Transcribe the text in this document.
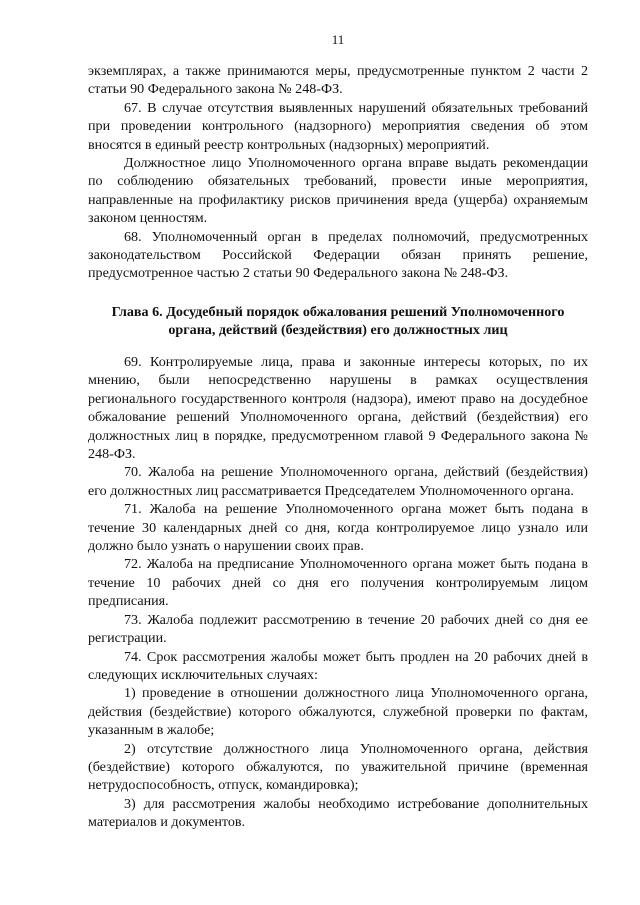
11

экземплярах, а также принимаются меры, предусмотренные пунктом 2 части 2 статьи 90 Федерального закона № 248-ФЗ.

67. В случае отсутствия выявленных нарушений обязательных требований при проведении контрольного (надзорного) мероприятия сведения об этом вносятся в единый реестр контрольных (надзорных) мероприятий.

Должностное лицо Уполномоченного органа вправе выдать рекомендации по соблюдению обязательных требований, провести иные мероприятия, направленные на профилактику рисков причинения вреда (ущерба) охраняемым законом ценностям.

68. Уполномоченный орган в пределах полномочий, предусмотренных законодательством Российской Федерации обязан принять решение, предусмотренное частью 2 статьи 90 Федерального закона № 248-ФЗ.

Глава 6. Досудебный порядок обжалования решений Уполномоченного
органа, действий (бездействия) его должностных лиц

69. Контролируемые лица, права и законные интересы которых, по их мнению, были непосредственно нарушены в рамках осуществления регионального государственного контроля (надзора), имеют право на досудебное обжалование решений Уполномоченного органа, действий (бездействия) его должностных лиц в порядке, предусмотренном главой 9 Федерального закона № 248-ФЗ.

70. Жалоба на решение Уполномоченного органа, действий (бездействия) его должностных лиц рассматривается Председателем Уполномоченного органа.

71. Жалоба на решение Уполномоченного органа может быть подана в течение 30 календарных дней со дня, когда контролируемое лицо узнало или должно было узнать о нарушении своих прав.

72. Жалоба на предписание Уполномоченного органа может быть подана в течение 10 рабочих дней со дня его получения контролируемым лицом предписания.

73. Жалоба подлежит рассмотрению в течение 20 рабочих дней со дня ее регистрации.

74. Срок рассмотрения жалобы может быть продлен на 20 рабочих дней в следующих исключительных случаях:

1) проведение в отношении должностного лица Уполномоченного органа, действия (бездействие) которого обжалуются, служебной проверки по фактам, указанным в жалобе;

2) отсутствие должностного лица Уполномоченного органа, действия (бездействие) которого обжалуются, по уважительной причине (временная нетрудоспособность, отпуск, командировка);

3) для рассмотрения жалобы необходимо истребование дополнительных материалов и документов.
